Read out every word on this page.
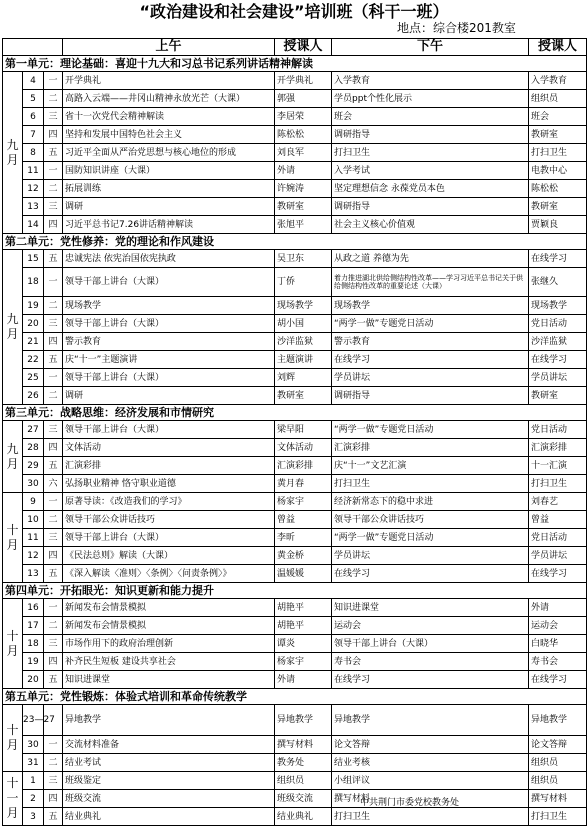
“政治建设和社会建设”培训班（科干一班）
地点：综合楼201教室
			上午	授课人	下午	授课人
第一单元：理论基础：喜迎十九大和习总书记系列讲话精神解读						
九月	4	一	开学典礼	开学典礼	入学教育	入学教育
	5	二	高路入云端——井冈山精神永放光芒（大课）	郭强	学员ppt个性化展示	组织员
	6	三	省十一次党代会精神解读	李居荣	班会	班会
	7	四	坚持和发展中国特色社会主义	陈松松	调研指导	教研室
	8	五	习近平全面从严治党思想与核心地位的形成	刘良军	打扫卫生	打扫卫生
	11	一	国防知识讲座（大课）	外请	入学考试	电教中心
	12	二	拓展训练	许婉涛	坚定理想信念 永葆党员本色	陈松松
	13	三	调研	教研室	调研指导	教研室
	14	四	习近平总书记7.26讲话精神解读	张旭平	社会主义核心价值观	贾颖良
第二单元：党性修养：党的理论和作风建设						
九月	15	五	忠诚宪法 依宪治国依宪执政	吴卫东	从政之道 养德为先	在线学习
	18	一	领导干部上讲台（大课）	丁侨	着力推进湖北供给侧结构性改革——学习习近平总书记关于供给侧结构性改革的重要论述（大课）	张继久
	19	二	现场教学	现场教学	现场教学	现场教学
	20	三	领导干部上讲台（大课）	胡小国	“两学一做”专题党日活动	党日活动
	21	四	警示教育	沙洋监狱	警示教育	沙洋监狱
	22	五	庆“十一”主题演讲	主题演讲	在线学习	在线学习
	25	一	领导干部上讲台（大课）	刘辉	学员讲坛	学员讲坛
	26	二	调研	教研室	调研指导	教研室
第三单元：战略思维：经济发展和市情研究						
九月	27	三	领导干部上讲台（大课）	梁早阳	“两学一做”专题党日活动	党日活动
	28	四	文体活动	文体活动	汇演彩排	汇演彩排
	29	五	汇演彩排	汇演彩排	庆“十一”文艺汇演	十一汇演
	30	六	弘扬职业精神 恪守职业道德	黄月春	打扫卫生	打扫卫生
十月	9	一	原著导读：《改造我们的学习》	杨家宇	经济新常态下的稳中求进	刘春艺
	10	二	领导干部公众讲话技巧	曾益	领导干部公众讲话技巧	曾益
	11	三	领导干部上讲台（大课）	李昕	“两学一做”专题党日活动	党日活动
	12	四	《民法总则》解读（大课）	黄金桥	学员讲坛	学员讲坛
	13	五	《深入解读〈准则〉〈条例〉〈问责条例〉》	温媛媛	在线学习	在线学习
第四单元：开拓眼光：知识更新和能力提升						
十月	16	一	新闻发布会情景模拟	胡艳平	知识进课堂	外请
	17	二	新闻发布会情景模拟	胡艳平	运动会	运动会
	18	三	市场作用下的政府治理创新	谭炎	领导干部上讲台（大课）	白晓华
	19	四	补齐民生短板 建设共享社会	杨家宇	寿书会	寿书会
	20	五	知识进课堂	外请	在线学习	在线学习
第五单元：党性锻炼：体验式培训和革命传统教学						
十月	23—27		异地教学	异地教学	异地教学	异地教学
	30	一	交流材料准备	撰写材料	论文答辩	论文答辩
	31	二	结业考试	教务处	结业考核	组织员
十一月	1	三	班级鉴定	组织员	小组评议	组织员
	2	四	班级交流	班级交流	撰写材料	撰写材料
	3	五	结业典礼	结业典礼	打扫卫生	打扫卫生
中共荆门市委党校教务处
